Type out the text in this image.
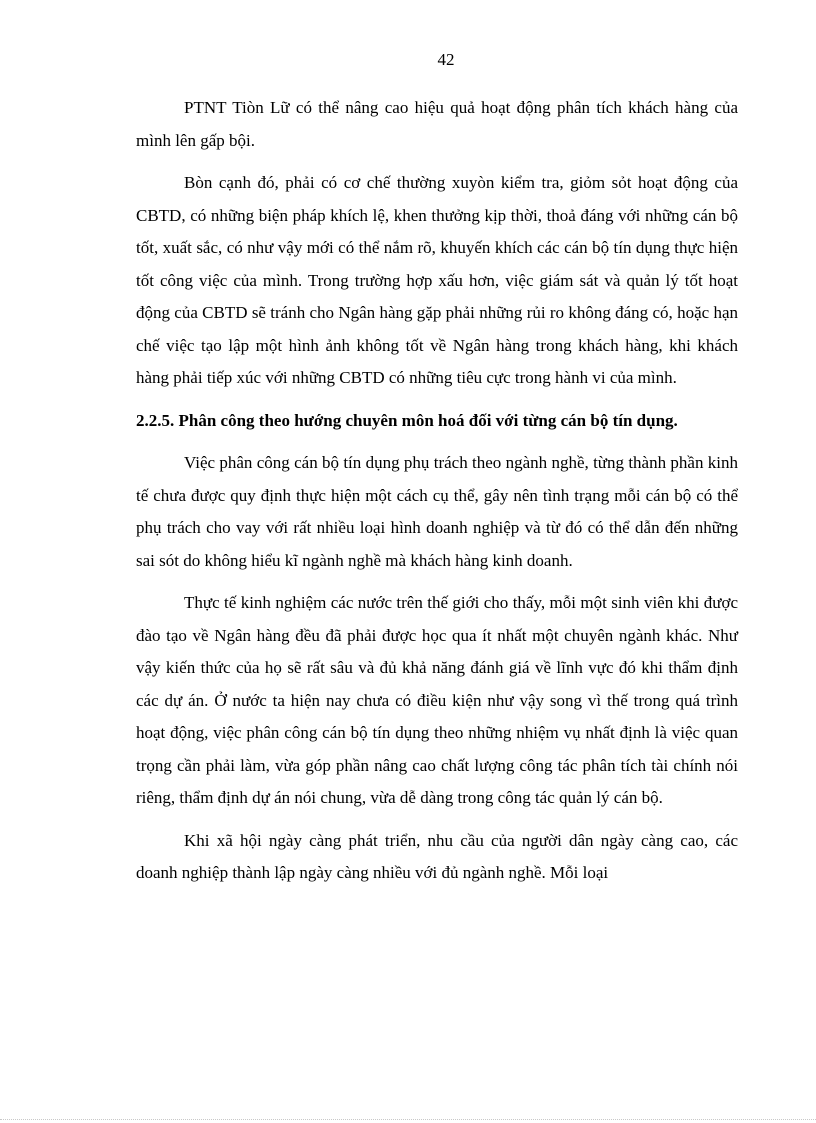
42

PTNT Tiòn Lữ có thể nâng cao hiệu quả hoạt động phân tích khách hàng của mình lên gấp bội.

Bòn cạnh đó, phải có cơ chế thường xuyòn kiểm tra, giỏm sỏt hoạt động của CBTD, có những biện pháp khích lệ, khen thưởng kịp thời, thoả đáng với những cán bộ tốt, xuất sắc, có như vậy mới có thể nắm rõ, khuyến khích các cán bộ tín dụng thực hiện tốt công việc của mình. Trong trường hợp xấu hơn, việc giám sát và quản lý tốt hoạt động của CBTD sẽ tránh cho Ngân hàng gặp phải những rủi ro không đáng có, hoặc hạn chế việc tạo lập một hình ảnh không tốt về Ngân hàng trong khách hàng, khi khách hàng phải tiếp xúc với những CBTD có những tiêu cực trong hành vi của mình.

2.2.5. Phân công theo hướng chuyên môn hoá đối với từng cán bộ tín dụng.

Việc phân công cán bộ tín dụng phụ trách theo ngành nghề, từng thành phần kinh tế chưa được quy định thực hiện một cách cụ thể, gây nên tình trạng mỗi cán bộ có thể phụ trách cho vay với rất nhiều loại hình doanh nghiệp và từ đó có thể dẫn đến những sai sót do không hiểu kĩ ngành nghề mà khách hàng kinh doanh.

Thực tế kinh nghiệm các nước trên thế giới cho thấy, mỗi một sinh viên khi được đào tạo về Ngân hàng đều đã phải được học qua ít nhất một chuyên ngành khác. Như vậy kiến thức của họ sẽ rất sâu và đủ khả năng đánh giá về lĩnh vực đó khi thẩm định các dự án. Ở nước ta hiện nay chưa có điều kiện như vậy song vì thế trong quá trình hoạt động, việc phân công cán bộ tín dụng theo những nhiệm vụ nhất định là việc quan trọng cần phải làm, vừa góp phần nâng cao chất lượng công tác phân tích tài chính nói riêng, thẩm định dự án nói chung, vừa dễ dàng trong công tác quản lý cán bộ.

Khi xã hội ngày càng phát triển, nhu cầu của người dân ngày càng cao, các doanh nghiệp thành lập ngày càng nhiều với đủ ngành nghề. Mỗi loại
